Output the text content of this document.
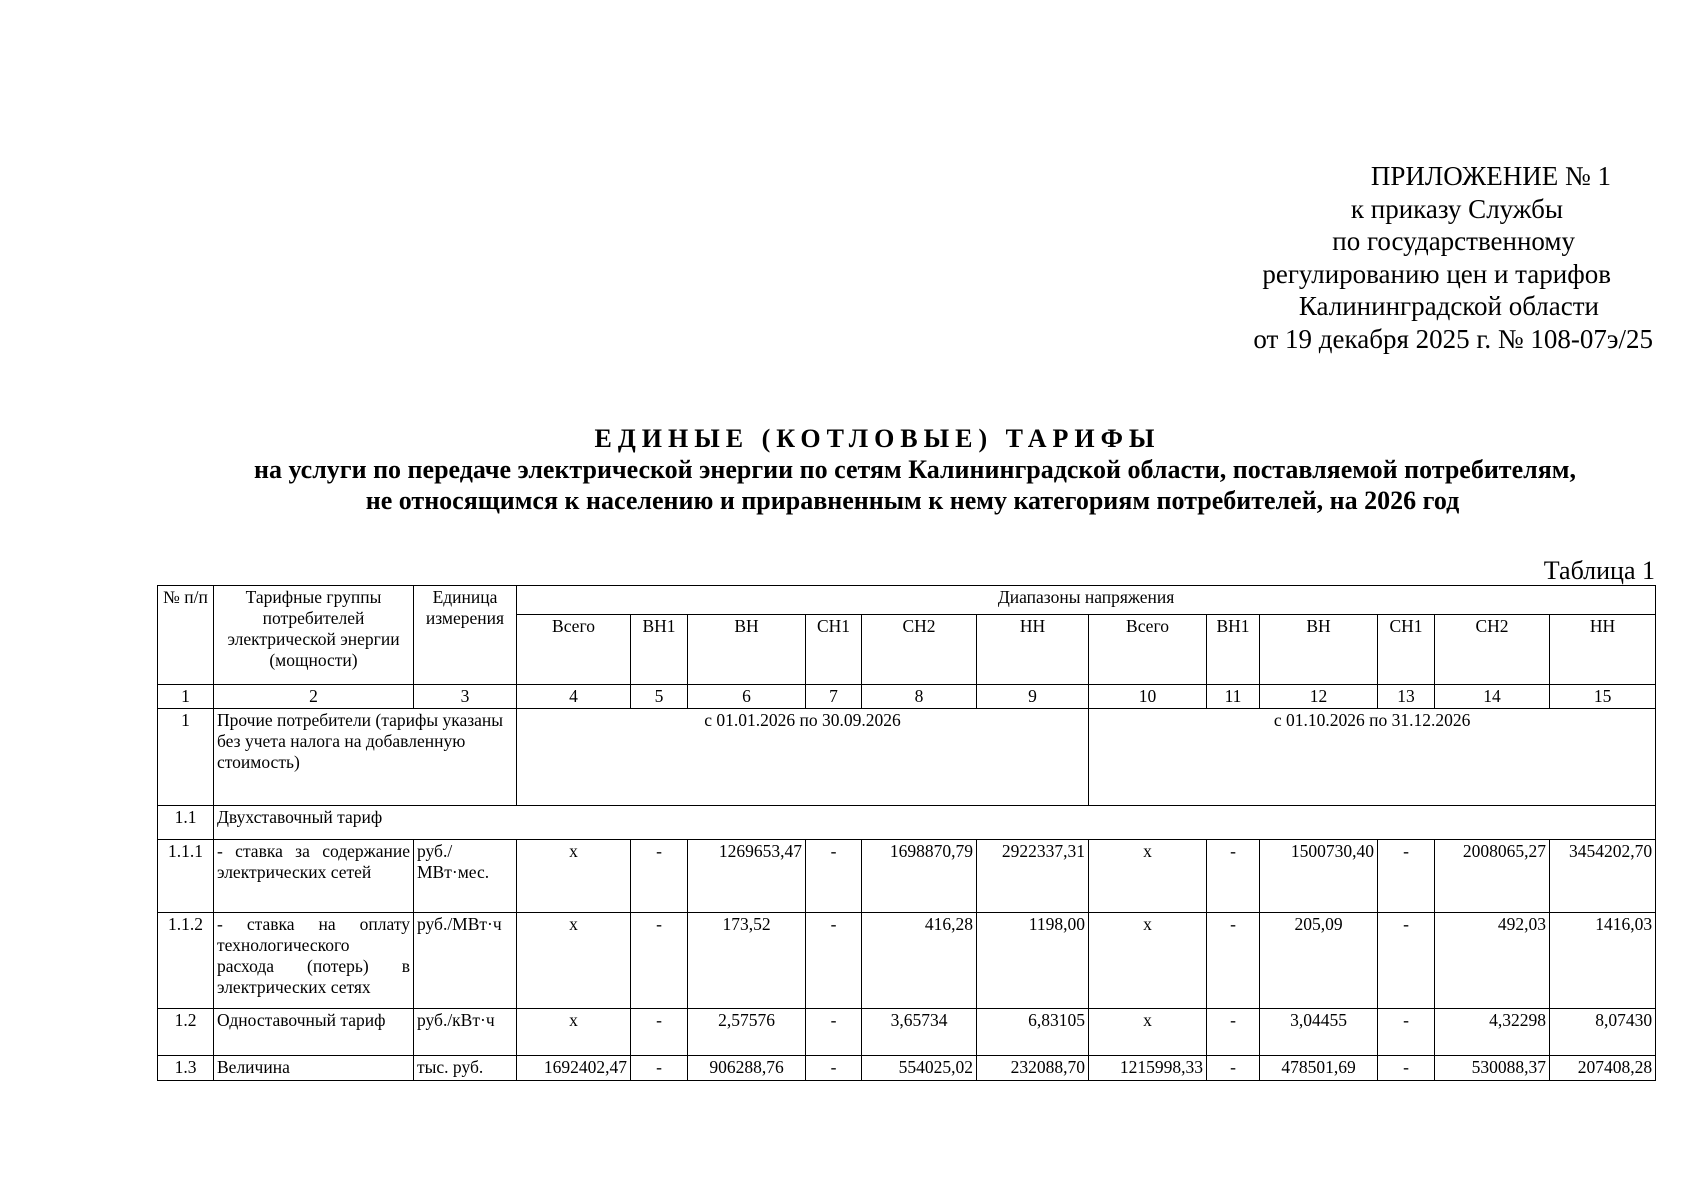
ПРИЛОЖЕНИЕ № 1
к приказу Службы
по государственному
регулированию цен и тарифов
Калининградской области
от 19 декабря 2025 г. № 108-07э/25
ЕДИНЫЕ (КОТЛОВЫЕ) ТАРИФЫ
на услуги по передаче электрической энергии по сетям Калининградской области, поставляемой потребителям,
не относящимся к населению и приравненным к нему категориям потребителей, на 2026 год
Таблица 1
№ п/п	Тарифные группы потребителей электрической энергии (мощности)	Единица измерения	Диапазоны напряжения											
			Всего	ВН1	ВН	СН1	СН2	НН	Всего	ВН1	ВН	СН1	СН2	НН
1	2	3	4	5	6	7	8	9	10	11	12	13	14	15
1	Прочие потребители (тарифы указаны без учета налога на добавленную стоимость)		с 01.01.2026 по 30.09.2026						с 01.10.2026 по 31.12.2026					
1.1	Двухставочный тариф													
1.1.1	- ставка за содержание электрических сетей	руб./МВт·мес.	х	-	1269653,47	-	1698870,79	2922337,31	х	-	1500730,40	-	2008065,27	3454202,70
1.1.2	- ставка на оплату технологического расхода (потерь) в электрических сетях	руб./МВт·ч	х	-	173,52	-	416,28	1198,00	х	-	205,09	-	492,03	1416,03
1.2	Одноставочный тариф	руб./кВт·ч	х	-	2,57576	-	3,65734	6,83105	х	-	3,04455	-	4,32298	8,07430
1.3	Величина	тыс. руб.	1692402,47	-	906288,76	-	554025,02	232088,70	1215998,33	-	478501,69	-	530088,37	207408,28
